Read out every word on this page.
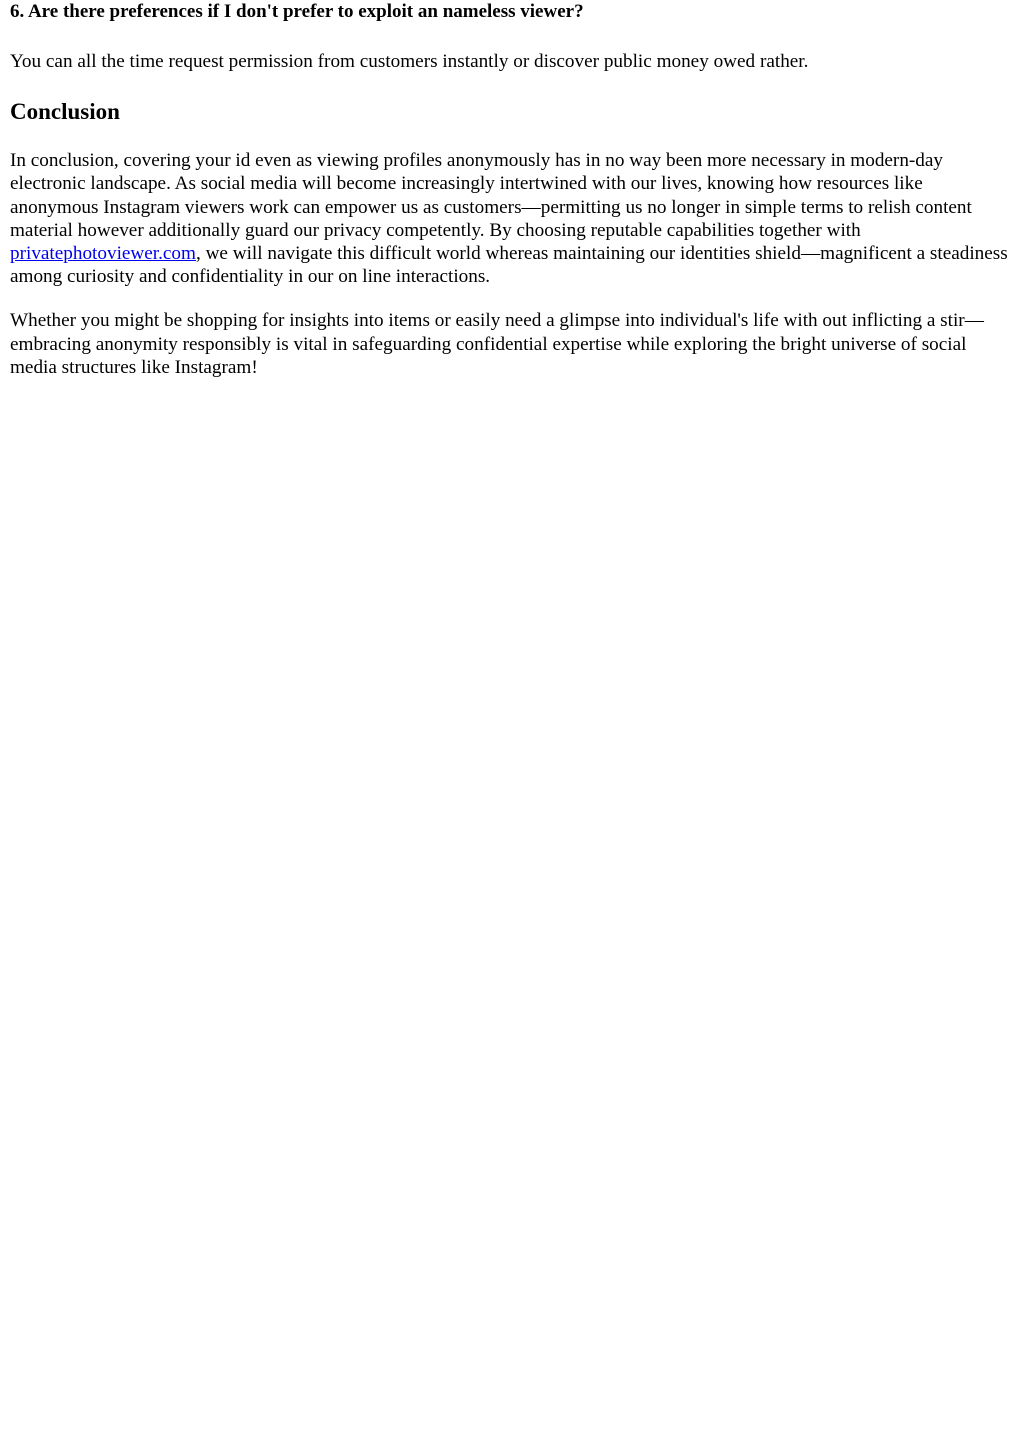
6. Are there preferences if I don't prefer to exploit an nameless viewer?

You can all the time request permission from customers instantly or discover public money owed rather.

Conclusion

In conclusion, covering your id even as viewing profiles anonymously has in no way been more necessary in modern-day electronic landscape. As social media will become increasingly intertwined with our lives, knowing how resources like anonymous Instagram viewers work can empower us as customers—permitting us no longer in simple terms to relish content material however additionally guard our privacy competently. By choosing reputable capabilities together with privatephotoviewer.com, we will navigate this difficult world whereas maintaining our identities shield—magnificent a steadiness among curiosity and confidentiality in our on line interactions.

Whether you might be shopping for insights into items or easily need a glimpse into individual's life with out inflicting a stir—embracing anonymity responsibly is vital in safeguarding confidential expertise while exploring the bright universe of social media structures like Instagram!
